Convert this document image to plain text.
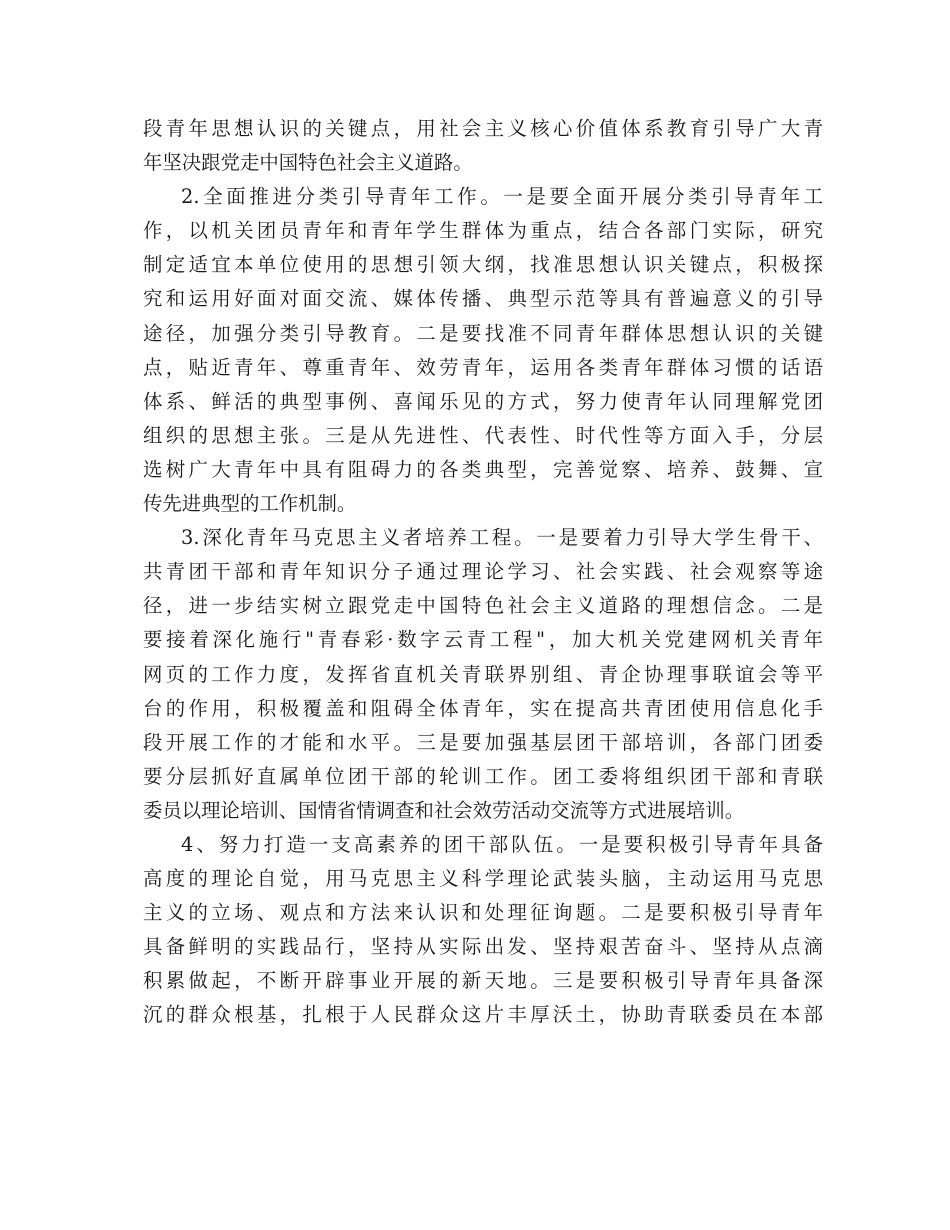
段青年思想认识的关键点，用社会主义核心价值体系教育引导广大青
年坚决跟党走中国特色社会主义道路。
2.全面推进分类引导青年工作。一是要全面开展分类引导青年工
作，以机关团员青年和青年学生群体为重点，结合各部门实际，研究
制定适宜本单位使用的思想引领大纲，找准思想认识关键点，积极探
究和运用好面对面交流、媒体传播、典型示范等具有普遍意义的引导
途径，加强分类引导教育。二是要找准不同青年群体思想认识的关键
点，贴近青年、尊重青年、效劳青年，运用各类青年群体习惯的话语
体系、鲜活的典型事例、喜闻乐见的方式，努力使青年认同理解党团
组织的思想主张。三是从先进性、代表性、时代性等方面入手，分层
选树广大青年中具有阻碍力的各类典型，完善觉察、培养、鼓舞、宣
传先进典型的工作机制。
3.深化青年马克思主义者培养工程。一是要着力引导大学生骨干、
共青团干部和青年知识分子通过理论学习、社会实践、社会观察等途
径，进一步结实树立跟党走中国特色社会主义道路的理想信念。二是
要接着深化施行"青春彩·数字云青工程"，加大机关党建网机关青年
网页的工作力度，发挥省直机关青联界别组、青企协理事联谊会等平
台的作用，积极覆盖和阻碍全体青年，实在提高共青团使用信息化手
段开展工作的才能和水平。三是要加强基层团干部培训，各部门团委
要分层抓好直属单位团干部的轮训工作。团工委将组织团干部和青联
委员以理论培训、国情省情调查和社会效劳活动交流等方式进展培训。
4、努力打造一支高素养的团干部队伍。一是要积极引导青年具备
高度的理论自觉，用马克思主义科学理论武装头脑，主动运用马克思
主义的立场、观点和方法来认识和处理征询题。二是要积极引导青年
具备鲜明的实践品行，坚持从实际出发、坚持艰苦奋斗、坚持从点滴
积累做起，不断开辟事业开展的新天地。三是要积极引导青年具备深
沉的群众根基，扎根于人民群众这片丰厚沃土，协助青联委员在本部
